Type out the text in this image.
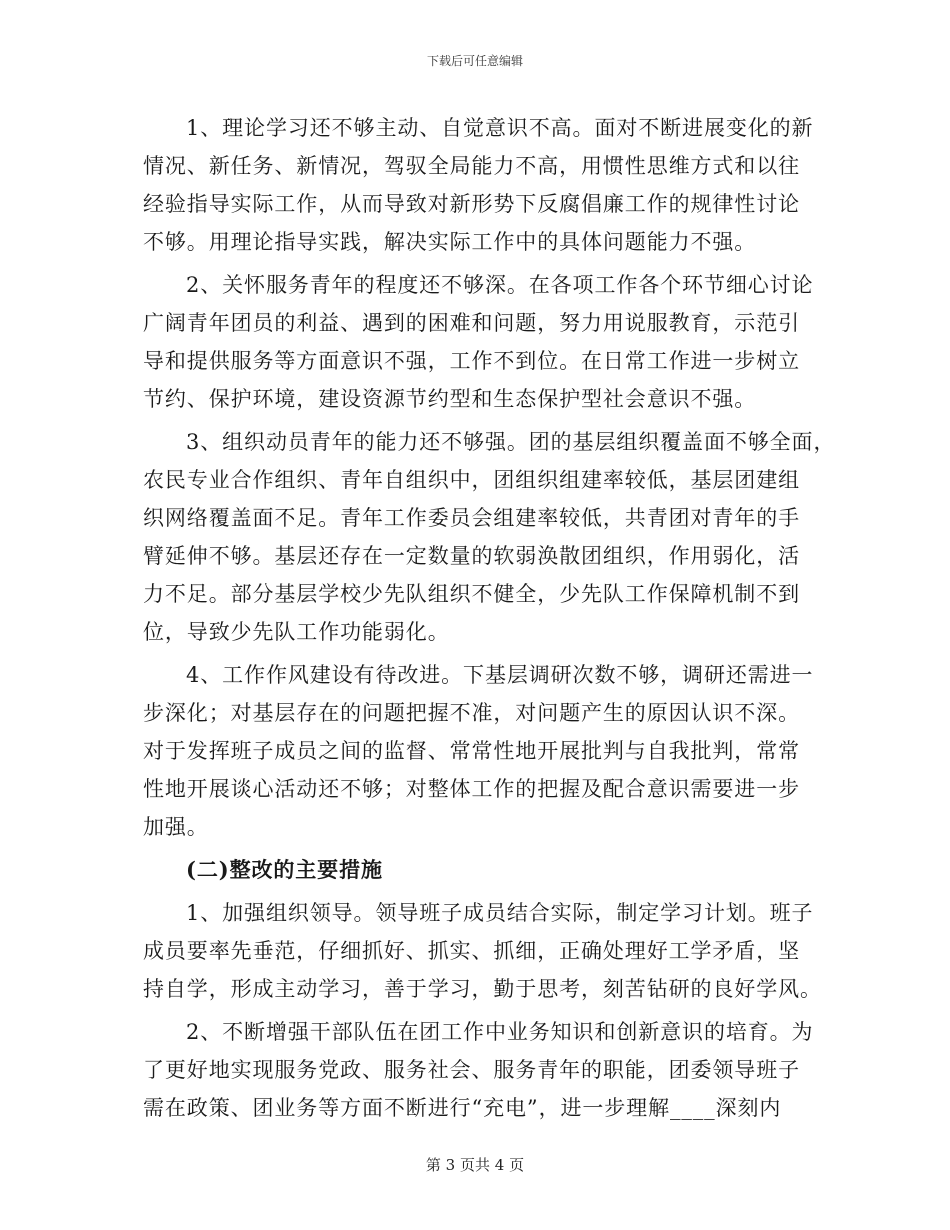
下载后可任意编辑
1、理论学习还不够主动、自觉意识不高。面对不断进展变化的新
情况、新任务、新情况，驾驭全局能力不高，用惯性思维方式和以往
经验指导实际工作，从而导致对新形势下反腐倡廉工作的规律性讨论
不够。用理论指导实践，解决实际工作中的具体问题能力不强。
2、关怀服务青年的程度还不够深。在各项工作各个环节细心讨论
广阔青年团员的利益、遇到的困难和问题，努力用说服教育，示范引
导和提供服务等方面意识不强，工作不到位。在日常工作进一步树立
节约、保护环境，建设资源节约型和生态保护型社会意识不强。
3、组织动员青年的能力还不够强。团的基层组织覆盖面不够全面，
农民专业合作组织、青年自组织中，团组织组建率较低，基层团建组
织网络覆盖面不足。青年工作委员会组建率较低，共青团对青年的手
臂延伸不够。基层还存在一定数量的软弱涣散团组织，作用弱化，活
力不足。部分基层学校少先队组织不健全，少先队工作保障机制不到
位，导致少先队工作功能弱化。
4、工作作风建设有待改进。下基层调研次数不够，调研还需进一
步深化；对基层存在的问题把握不准，对问题产生的原因认识不深。
对于发挥班子成员之间的监督、常常性地开展批判与自我批判，常常
性地开展谈心活动还不够；对整体工作的把握及配合意识需要进一步
加强。
(二)整改的主要措施
1、加强组织领导。领导班子成员结合实际，制定学习计划。班子
成员要率先垂范，仔细抓好、抓实、抓细，正确处理好工学矛盾，坚
持自学，形成主动学习，善于学习，勤于思考，刻苦钻研的良好学风。
2、不断增强干部队伍在团工作中业务知识和创新意识的培育。为
了更好地实现服务党政、服务社会、服务青年的职能，团委领导班子
需在政策、团业务等方面不断进行“充电”，进一步理解____深刻内
第 3 页共 4 页
